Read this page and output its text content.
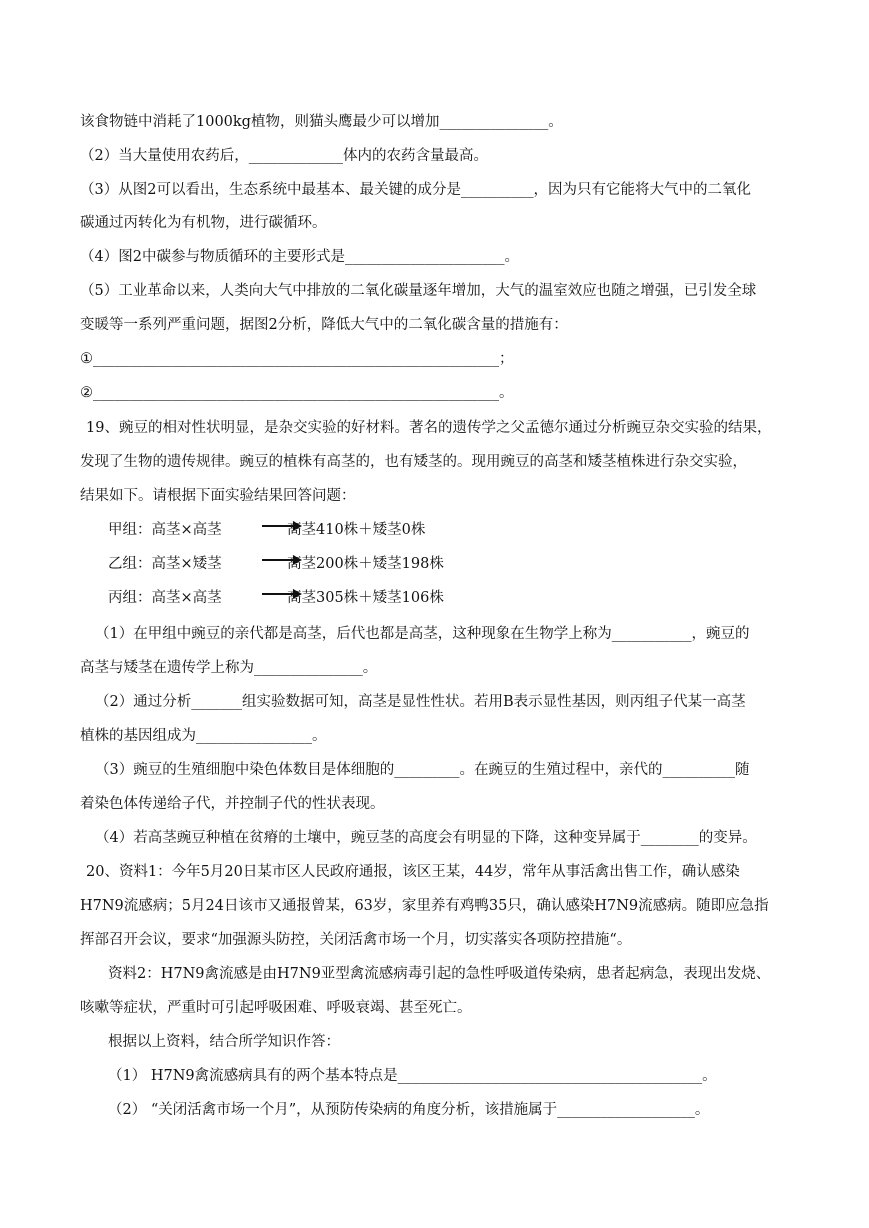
该食物链中消耗了1000kg植物，则猫头鹰最少可以增加_______________。
（2）当大量使用农药后，_____________体内的农药含量最高。
（3）从图2可以看出，生态系统中最基本、最关键的成分是__________，因为只有它能将大气中的二氧化
碳通过丙转化为有机物，进行碳循环。
（4）图2中碳参与物质循环的主要形式是______________________。
（5）工业革命以来，人类向大气中排放的二氧化碳量逐年增加，大气的温室效应也随之增强，已引发全球
变暖等一系列严重问题，据图2分析，降低大气中的二氧化碳含量的措施有：
①________________________________________________________；
②________________________________________________________。
19、豌豆的相对性状明显，是杂交实验的好材料。著名的遗传学之父孟德尔通过分析豌豆杂交实验的结果，
发现了生物的遗传规律。豌豆的植株有高茎的，也有矮茎的。现用豌豆的高茎和矮茎植株进行杂交实验，
结果如下。请根据下面实验结果回答问题：
甲组：高茎×高茎	高茎410株＋矮茎0株
乙组：高茎×矮茎	高茎200株＋矮茎198株
丙组：高茎×高茎	高茎305株＋矮茎106株
（1）在甲组中豌豆的亲代都是高茎，后代也都是高茎，这种现象在生物学上称为___________，豌豆的
高茎与矮茎在遗传学上称为_______________。
（2）通过分析_______组实验数据可知，高茎是显性性状。若用B表示显性基因，则丙组子代某一高茎
植株的基因组成为________________。
（3）豌豆的生殖细胞中染色体数目是体细胞的_________。在豌豆的生殖过程中，亲代的__________随
着染色体传递给子代，并控制子代的性状表现。
（4）若高茎豌豆种植在贫瘠的土壤中，豌豆茎的高度会有明显的下降，这种变异属于________的变异。
20、资料1：今年5月20日某市区人民政府通报，该区王某，44岁，常年从事活禽出售工作，确认感染
H7N9流感病；5月24日该市又通报曾某，63岁，家里养有鸡鸭35只，确认感染H7N9流感病。随即应急指
挥部召开会议，要求“加强源头防控，关闭活禽市场一个月，切实落实各项防控措施“。
资料2：H7N9禽流感是由H7N9亚型禽流感病毒引起的急性呼吸道传染病，患者起病急，表现出发烧、
咳嗽等症状，严重时可引起呼吸困难、呼吸衰竭、甚至死亡。
根据以上资料，结合所学知识作答：
（1） H7N9禽流感病具有的两个基本特点是__________________________________________。
（2） “关闭活禽市场一个月”，从预防传染病的角度分析，该措施属于___________________。
